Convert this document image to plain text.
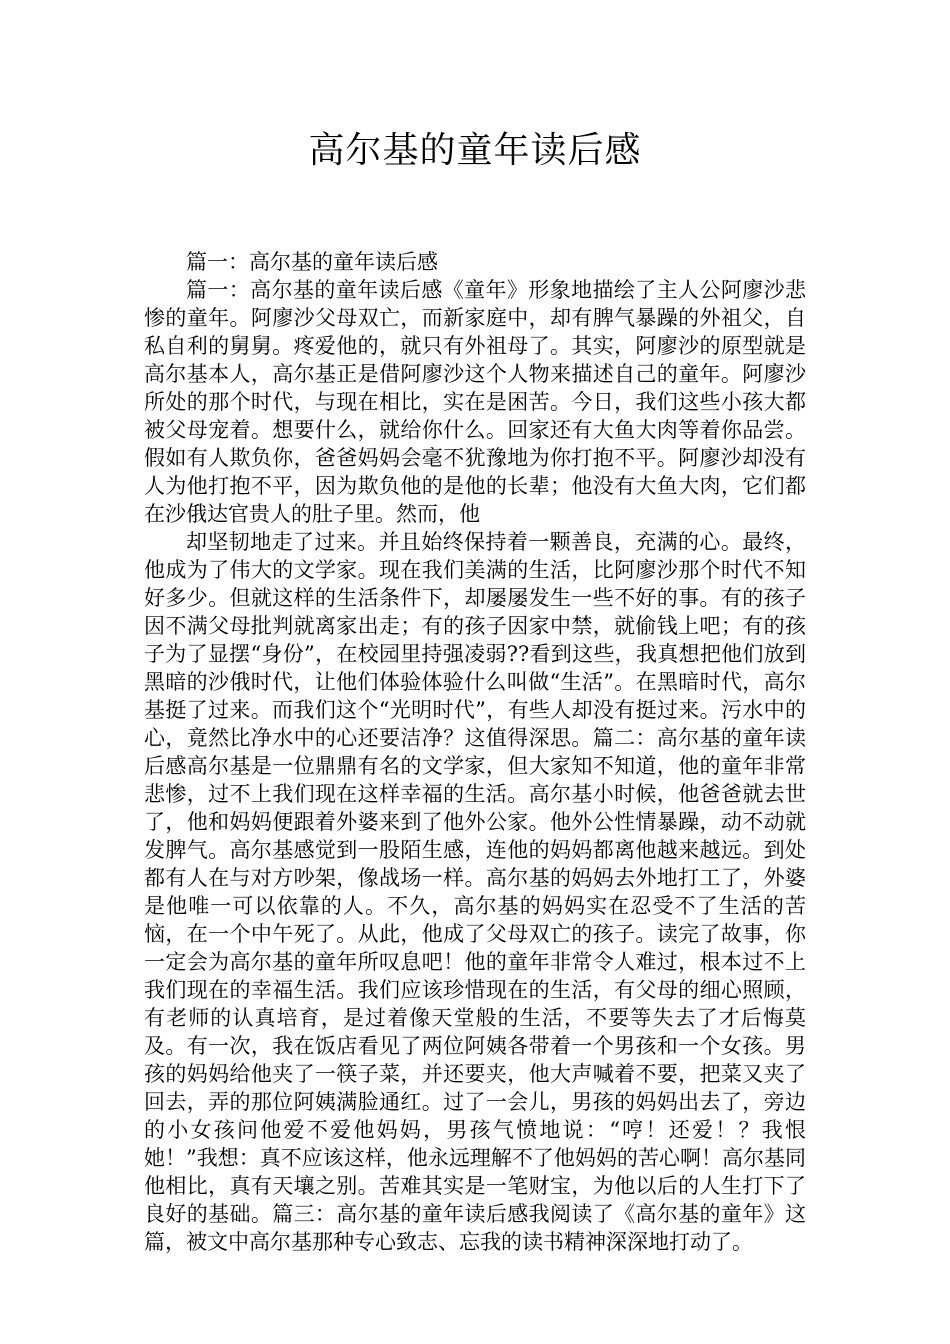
高尔基的童年读后感

篇一：高尔基的童年读后感

篇一：高尔基的童年读后感《童年》形象地描绘了主人公阿廖沙悲惨的童年。阿廖沙父母双亡，而新家庭中，却有脾气暴躁的外祖父，自私自利的舅舅。疼爱他的，就只有外祖母了。其实，阿廖沙的原型就是高尔基本人，高尔基正是借阿廖沙这个人物来描述自己的童年。阿廖沙所处的那个时代，与现在相比，实在是困苦。今日，我们这些小孩大都被父母宠着。想要什么，就给你什么。回家还有大鱼大肉等着你品尝。假如有人欺负你，爸爸妈妈会毫不犹豫地为你打抱不平。阿廖沙却没有人为他打抱不平，因为欺负他的是他的长辈；他没有大鱼大肉，它们都在沙俄达官贵人的肚子里。然而，他

却坚韧地走了过来。并且始终保持着一颗善良，充满的心。最终，他成为了伟大的文学家。现在我们美满的生活，比阿廖沙那个时代不知好多少。但就这样的生活条件下，却屡屡发生一些不好的事。有的孩子因不满父母批判就离家出走；有的孩子因家中禁，就偷钱上吧；有的孩子为了显摆“身份”，在校园里持强凌弱??看到这些，我真想把他们放到黑暗的沙俄时代，让他们体验体验什么叫做“生活”。在黑暗时代，高尔基挺了过来。而我们这个“光明时代”，有些人却没有挺过来。污水中的心，竟然比净水中的心还要洁净？这值得深思。篇二：高尔基的童年读后感高尔基是一位鼎鼎有名的文学家，但大家知不知道，他的童年非常悲惨，过不上我们现在这样幸福的生活。高尔基小时候，他爸爸就去世了，他和妈妈便跟着外婆来到了他外公家。他外公性情暴躁，动不动就发脾气。高尔基感觉到一股陌生感，连他的妈妈都离他越来越远。到处都有人在与对方吵架，像战场一样。高尔基的妈妈去外地打工了，外婆是他唯一可以依靠的人。不久，高尔基的妈妈实在忍受不了生活的苦恼，在一个中午死了。从此，他成了父母双亡的孩子。读完了故事，你一定会为高尔基的童年所叹息吧！他的童年非常令人难过，根本过不上我们现在的幸福生活。我们应该珍惜现在的生活，有父母的细心照顾，有老师的认真培育，是过着像天堂般的生活，不要等失去了才后悔莫及。有一次，我在饭店看见了两位阿姨各带着一个男孩和一个女孩。男孩的妈妈给他夹了一筷子菜，并还要夹，他大声喊着不要，把菜又夹了回去，弄的那位阿姨满脸通红。过了一会儿，男孩的妈妈出去了，旁边的小女孩问他爱不爱他妈妈，男孩气愤地说：“哼！还爱！？我恨她！”我想：真不应该这样，他永远理解不了他妈妈的苦心啊！高尔基同他相比，真有天壤之别。苦难其实是一笔财宝，为他以后的人生打下了良好的基础。篇三：高尔基的童年读后感我阅读了《高尔基的童年》这篇，被文中高尔基那种专心致志、忘我的读书精神深深地打动了。
